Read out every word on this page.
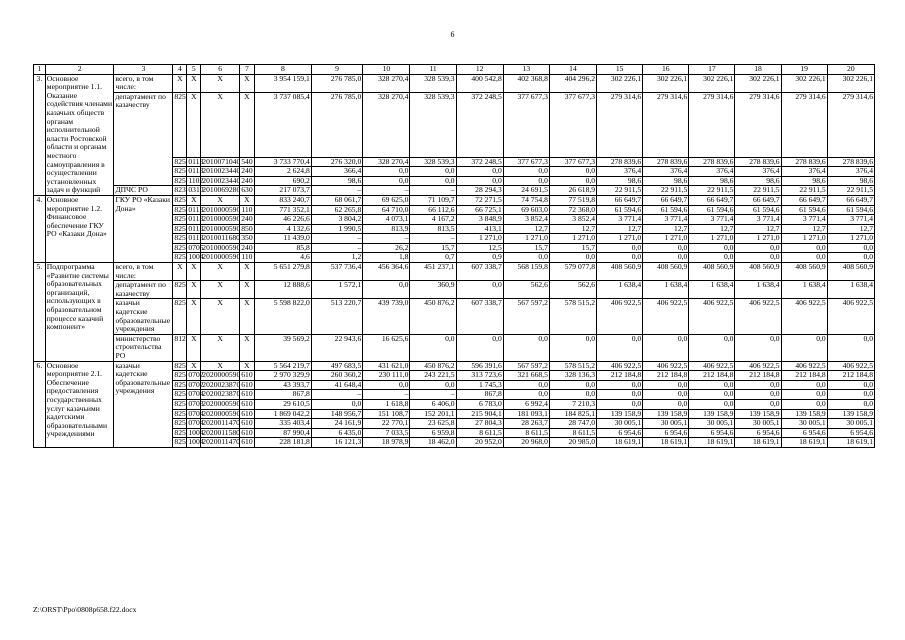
6
1	2	3	4	5	6	7	8	9	10	11	12	13	14	15	16	17	18	19	20
3.	Основное мероприятие 1.1. Оказание содействия членами казачьих обществ органам исполнительной власти Ростовской области и органам местного самоуправления в осуществлении установленных задач и функций	всего, в том числе:	Х	Х	Х	Х	3 954 159,1	276 785,0	328 270,4	328 539,3	400 542,8	402 368,8	404 296,2	302 226,1	302 226,1	302 226,1	302 226,1	302 226,1	302 226,1
		департамент по казачеству	825	Х	Х	Х	3 737 085,4	276 785,0	328 270,4	328 539,3	372 248,5	377 677,3	377 677,3	279 314,6	279 314,6	279 314,6	279 314,6	279 314,6	279 314,6
			825	0113	2010071040	540	3 733 770,4	276 320,0	328 270,4	328 539,3	372 248,5	377 677,3	377 677,3	278 839,6	278 839,6	278 839,6	278 839,6	278 839,6	278 839,6
			825	0113	2010023440	240	2 624,8	366,4	0,0	0,0	0,0	0,0	0,0	376,4	376,4	376,4	376,4	376,4	376,4
			825	1102	2010023440	240	690,2	98,6	0,0	0,0	0,0	0,0	0,0	98,6	98,6	98,6	98,6	98,6	98,6
		ДПЧС РО	823	0310	2010069280	630	217 073,7	–	–	–	28 294,3	24 691,5	26 618,9	22 911,5	22 911,5	22 911,5	22 911,5	22 911,5	22 911,5
4.	Основное мероприятие 1.2. Финансовое обеспечение ГКУ РО «Казаки Дона»	ГКУ РО «Казаки Дона»	825	Х	Х	Х	833 240,7	68 061,7	69 625,0	71 109,7	72 271,5	74 754,8	77 519,8	66 649,7	66 649,7	66 649,7	66 649,7	66 649,7	66 649,7
			825	0113	2010000590	110	771 352,1	62 265,8	64 710,0	66 112,6	66 725,1	69 603,0	72 368,0	61 594,6	61 594,6	61 594,6	61 594,6	61 594,6	61 594,6
			825	0113	2010000590	240	46 226,6	3 804,2	4 073,1	4 167,2	3 848,9	3 852,4	3 852,4	3 771,4	3 771,4	3 771,4	3 771,4	3 771,4	3 771,4
			825	0113	2010000590	850	4 132,6	1 990,5	813,9	813,5	413,1	12,7	12,7	12,7	12,7	12,7	12,7	12,7	12,7
			825	0113	2010011680	350	11 439,0	–	–	–	1 271,0	1 271,0	1 271,0	1 271,0	1 271,0	1 271,0	1 271,0	1 271,0	1 271,0
			825	0705	2010000590	240	85,8	–	26,2	15,7	12,5	15,7	15,7	0,0	0,0	0,0	0,0	0,0	0,0
			825	1004	2010000590	110	4,6	1,2	1,8	0,7	0,9	0,0	0,0	0,0	0,0	0,0	0,0	0,0	0,0
5.	Подпрограмма «Развитие системы образовательных организаций, использующих в образовательном процессе казачий компонент»	всего, в том числе:	Х	Х	Х	Х	5 651 279,8	537 736,4	456 364,6	451 237,1	607 338,7	568 159,8	579 077,8	408 560,9	408 560,9	408 560,9	408 560,9	408 560,9	408 560,9
		департамент по казачеству	825	Х	Х	Х	12 888,6	1 572,1	0,0	360,9	0,0	562,6	562,6	1 638,4	1 638,4	1 638,4	1 638,4	1 638,4	1 638,4
		казачьи кадетские образовательные учреждения	825	Х	Х	Х	5 598 822,0	513 220,7	439 739,0	450 876,2	607 338,7	567 597,2	578 515,2	406 922,5	406 922,5	406 922,5	406 922,5	406 922,5	406 922,5
		министерство строительства РО	812	Х	Х	Х	39 569,2	22 943,6	16 625,6	0,0	0,0	0,0	0,0	0,0	0,0	0,0	0,0	0,0	0,0
6.	Основное мероприятие 2.1. Обеспечение предоставления государственных услуг казачьими кадетскими образовательными учреждениями	казачьи кадетские образовательные учреждения	825	Х	Х	Х	5 564 219,7	497 683,5	431 621,0	450 876,2	596 391,6	567 597,2	578 515,2	406 922,5	406 922,5	406 922,5	406 922,5	406 922,5	406 922,5
			825	0702	2020000590	610	2 970 329,9	260 360,2	230 111,0	243 221,5	313 723,6	321 668,5	328 136,3	212 184,8	212 184,8	212 184,8	212 184,8	212 184,8	212 184,8
			825	0702	2020023870	610	43 393,7	41 648,4	0,0	0,0	1 745,3	0,0	0,0	0,0	0,0	0,0	0,0	0,0	0,0
			825	0704	2020023870	610	867,8	–	–	–	867,8	0,0	0,0	0,0	0,0	0,0	0,0	0,0	0,0
			825	0703	2020000590	610	29 610,5	0,0	1 618,8	6 406,0	6 783,0	6 992,4	7 210,3	0,0	0,0	0,0	0,0	0,0	0,0
			825	0704	2020000590	610	1 869 042,2	148 956,7	151 108,7	152 201,1	215 904,1	181 093,1	184 825,1	139 158,9	139 158,9	139 158,9	139 158,9	139 158,9	139 158,9
			825	0704	2020011470	610	335 403,4	24 161,9	22 770,1	23 625,8	27 804,3	28 263,7	28 747,0	30 005,1	30 005,1	30 005,1	30 005,1	30 005,1	30 005,1
			825	1004	2020011580	610	87 990,4	6 435,0	7 033,5	6 959,8	8 611,5	8 611,5	8 611,5	6 954,6	6 954,6	6 954,6	6 954,6	6 954,6	6 954,6
			825	1004	2020011470	610	228 181,8	16 121,3	18 978,9	18 462,0	20 952,0	20 968,0	20 985,0	18 619,1	18 619,1	18 619,1	18 619,1	18 619,1	18 619,1
Z:\ORST\Ppo\0808p658.f22.docx
